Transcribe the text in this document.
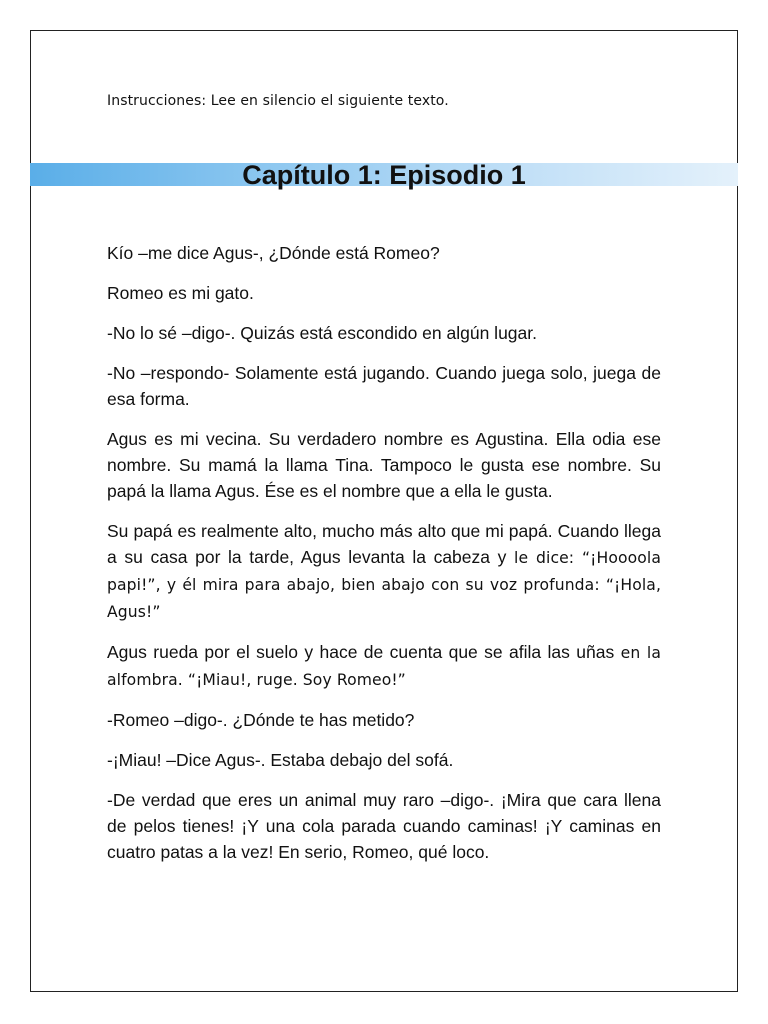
Instrucciones: Lee en silencio el siguiente texto.
Capítulo 1: Episodio 1

Kío –me dice Agus-, ¿Dónde está Romeo?

Romeo es mi gato.

-No lo sé –digo-. Quizás está escondido en algún lugar.

-No –respondo- Solamente está jugando. Cuando juega solo, juega de esa forma.

Agus es mi vecina. Su verdadero nombre es Agustina. Ella odia ese nombre. Su mamá la llama Tina. Tampoco le gusta ese nombre. Su papá la llama Agus. Ése es el nombre que a ella le gusta.

Su papá es realmente alto, mucho más alto que mi papá. Cuando llega a su casa por la tarde, Agus levanta la cabeza y le dice: “¡Hoooola papi!”, y él mira para abajo, bien abajo con su voz profunda: “¡Hola, Agus!”

Agus rueda por el suelo y hace de cuenta que se afila las uñas en la alfombra. “¡Miau!, ruge. Soy Romeo!”

-Romeo –digo-. ¿Dónde te has metido?

-¡Miau! –Dice Agus-. Estaba debajo del sofá.

-De verdad que eres un animal muy raro –digo-. ¡Mira que cara llena de pelos tienes! ¡Y una cola parada cuando caminas! ¡Y caminas en cuatro patas a la vez! En serio, Romeo, qué loco.
